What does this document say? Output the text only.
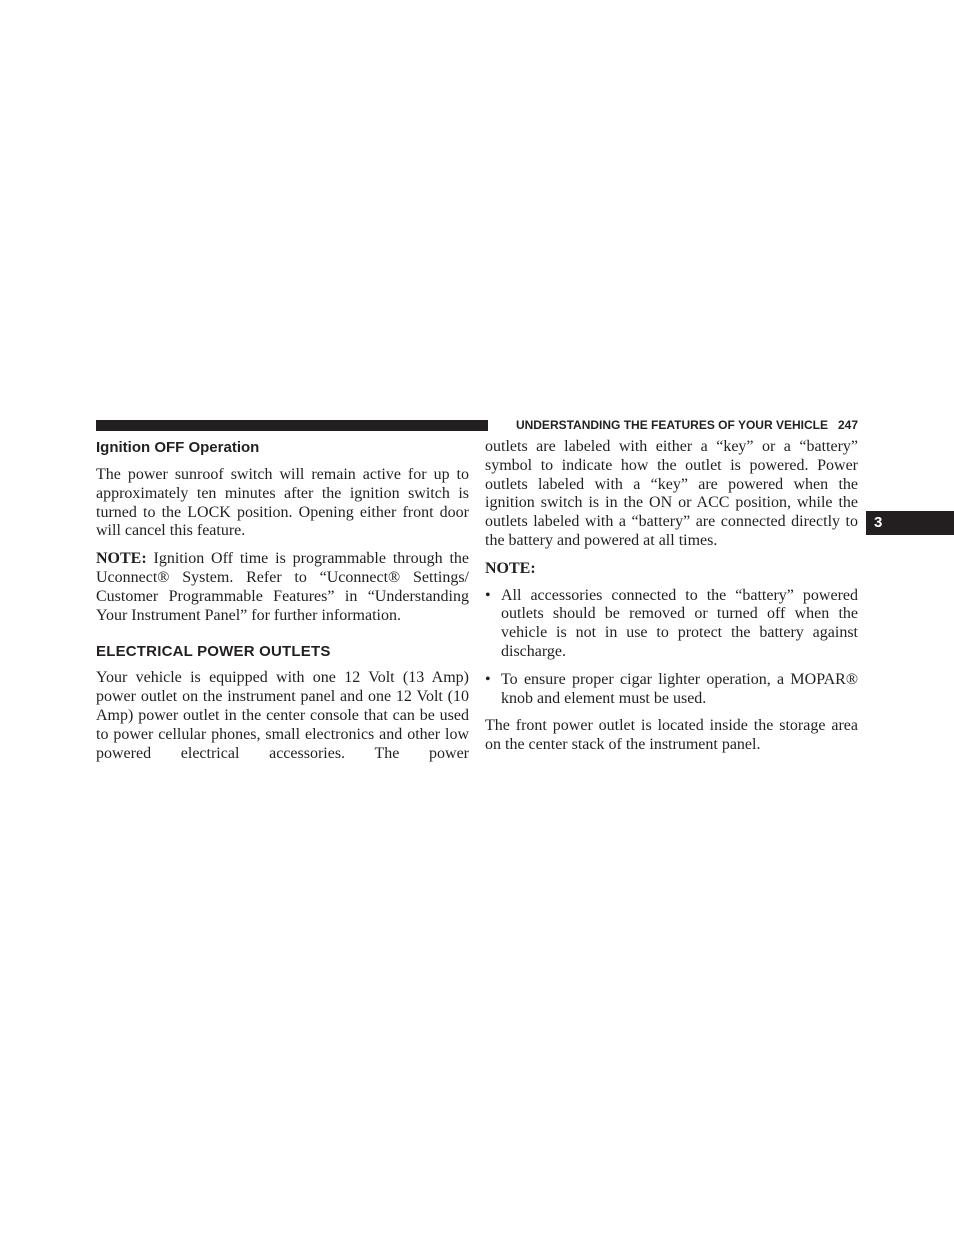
UNDERSTANDING THE FEATURES OF YOUR VEHICLE 247
3
Ignition OFF Operation

The power sunroof switch will remain active for up to approximately ten minutes after the ignition switch is turned to the LOCK position. Opening either front door will cancel this feature.

NOTE: Ignition Off time is programmable through the Uconnect® System. Refer to “Uconnect® Settings/ Customer Programmable Features” in “Understanding Your Instrument Panel” for further information.

ELECTRICAL POWER OUTLETS

Your vehicle is equipped with one 12 Volt (13 Amp) power outlet on the instrument panel and one 12 Volt (10 Amp) power outlet in the center console that can be used to power cellular phones, small electronics and other low powered electrical accessories. The power

outlets are labeled with either a “key” or a “battery” symbol to indicate how the outlet is powered. Power outlets labeled with a “key” are powered when the ignition switch is in the ON or ACC position, while the outlets labeled with a “battery” are connected directly to the battery and powered at all times.

NOTE:
• All accessories connected to the “battery” powered outlets should be removed or turned off when the vehicle is not in use to protect the battery against discharge.
• To ensure proper cigar lighter operation, a MOPAR® knob and element must be used.

The front power outlet is located inside the storage area on the center stack of the instrument panel.
